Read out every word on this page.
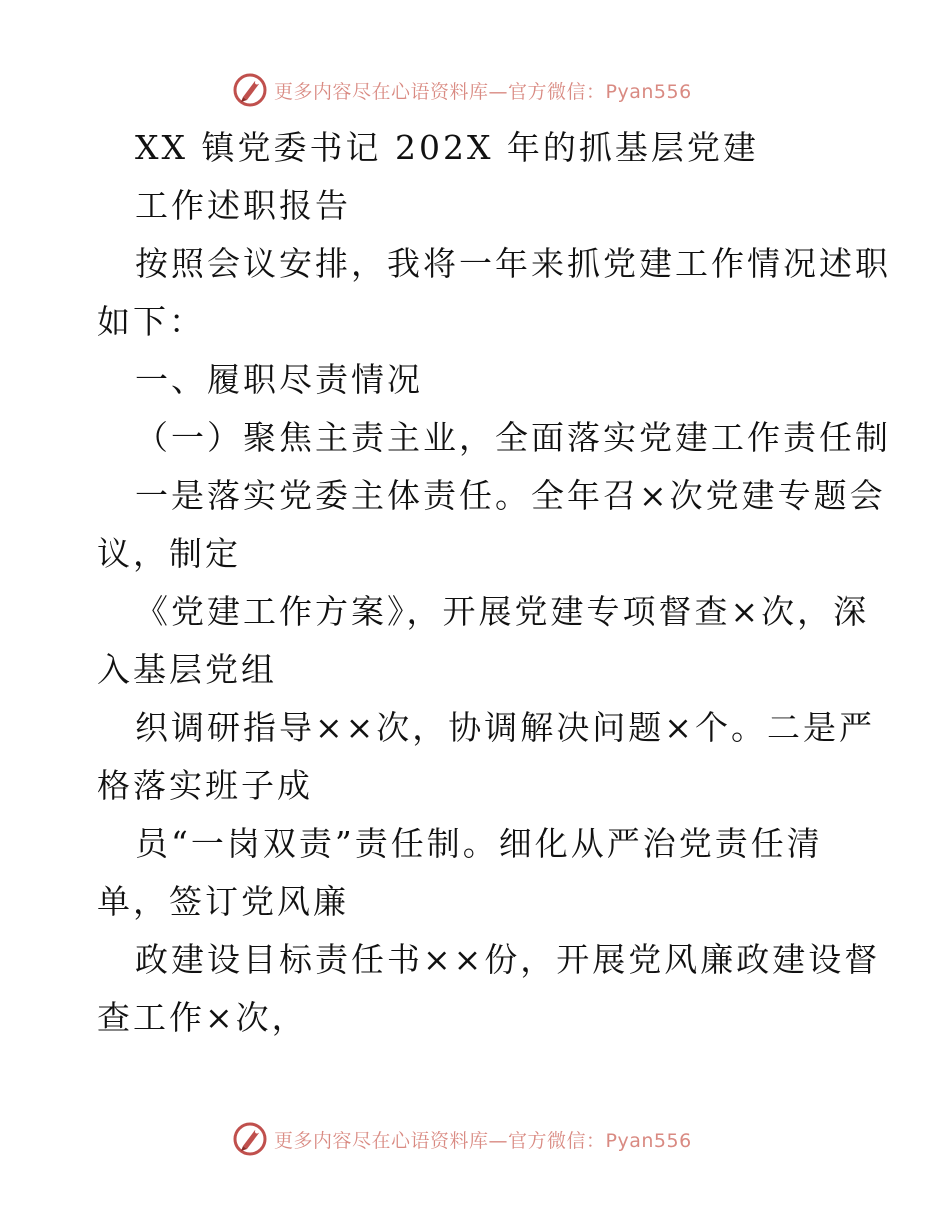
更多内容尽在心语资料库—官方微信：Pyan556
XX 镇党委书记 202X 年的抓基层党建
工作述职报告
按照会议安排，我将一年来抓党建工作情况述职
如下：
一、履职尽责情况
（一）聚焦主责主业，全面落实党建工作责任制
一是落实党委主体责任。全年召×次党建专题会
议，制定
《党建工作方案》，开展党建专项督查×次，深
入基层党组
织调研指导××次，协调解决问题×个。二是严
格落实班子成
员“一岗双责”责任制。细化从严治党责任清
单，签订党风廉
政建设目标责任书××份，开展党风廉政建设督
查工作×次，
更多内容尽在心语资料库—官方微信：Pyan556
